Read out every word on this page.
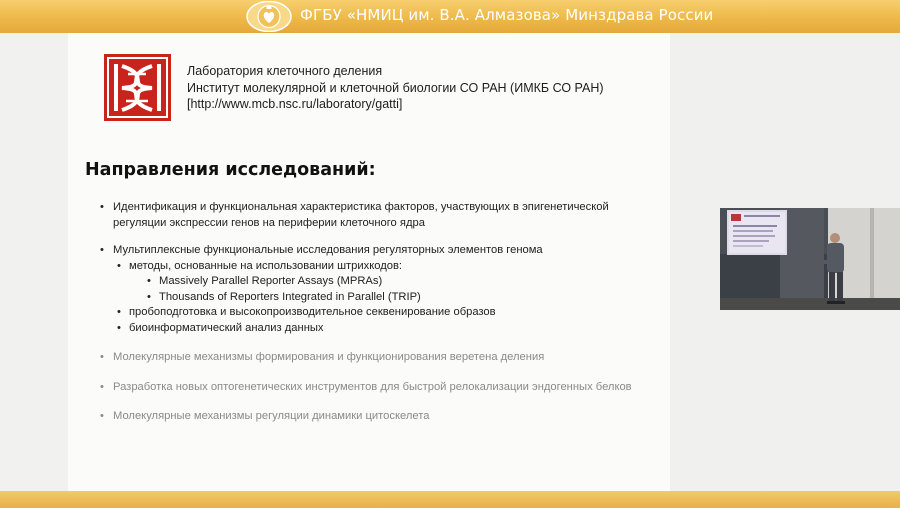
ФГБУ «НМИЦ им. В.А. Алмазова» Минздрава России
Лаборатория клеточного деления
Институт молекулярной и клеточной биологии СО РАН (ИМКБ СО РАН)
[http://www.mcb.nsc.ru/laboratory/gatti]
Направления исследований:
• Идентификация и функциональная характеристика факторов, участвующих в эпигенетической регуляции экспрессии генов на периферии клеточного ядра
• Мультиплексные функциональные исследования регуляторных элементов генома
• методы, основанные на использовании штрихкодов:
• Massively Parallel Reporter Assays (MPRAs)
• Thousands of Reporters Integrated in Parallel (TRIP)
• пробоподготовка и высокопроизводительное секвенирование образов
• биоинформатический анализ данных
• Молекулярные механизмы формирования и функционирования веретена деления
• Разработка новых оптогенетических инструментов для быстрой релокализации эндогенных белков
• Молекулярные механизмы регуляции динамики цитоскелета
